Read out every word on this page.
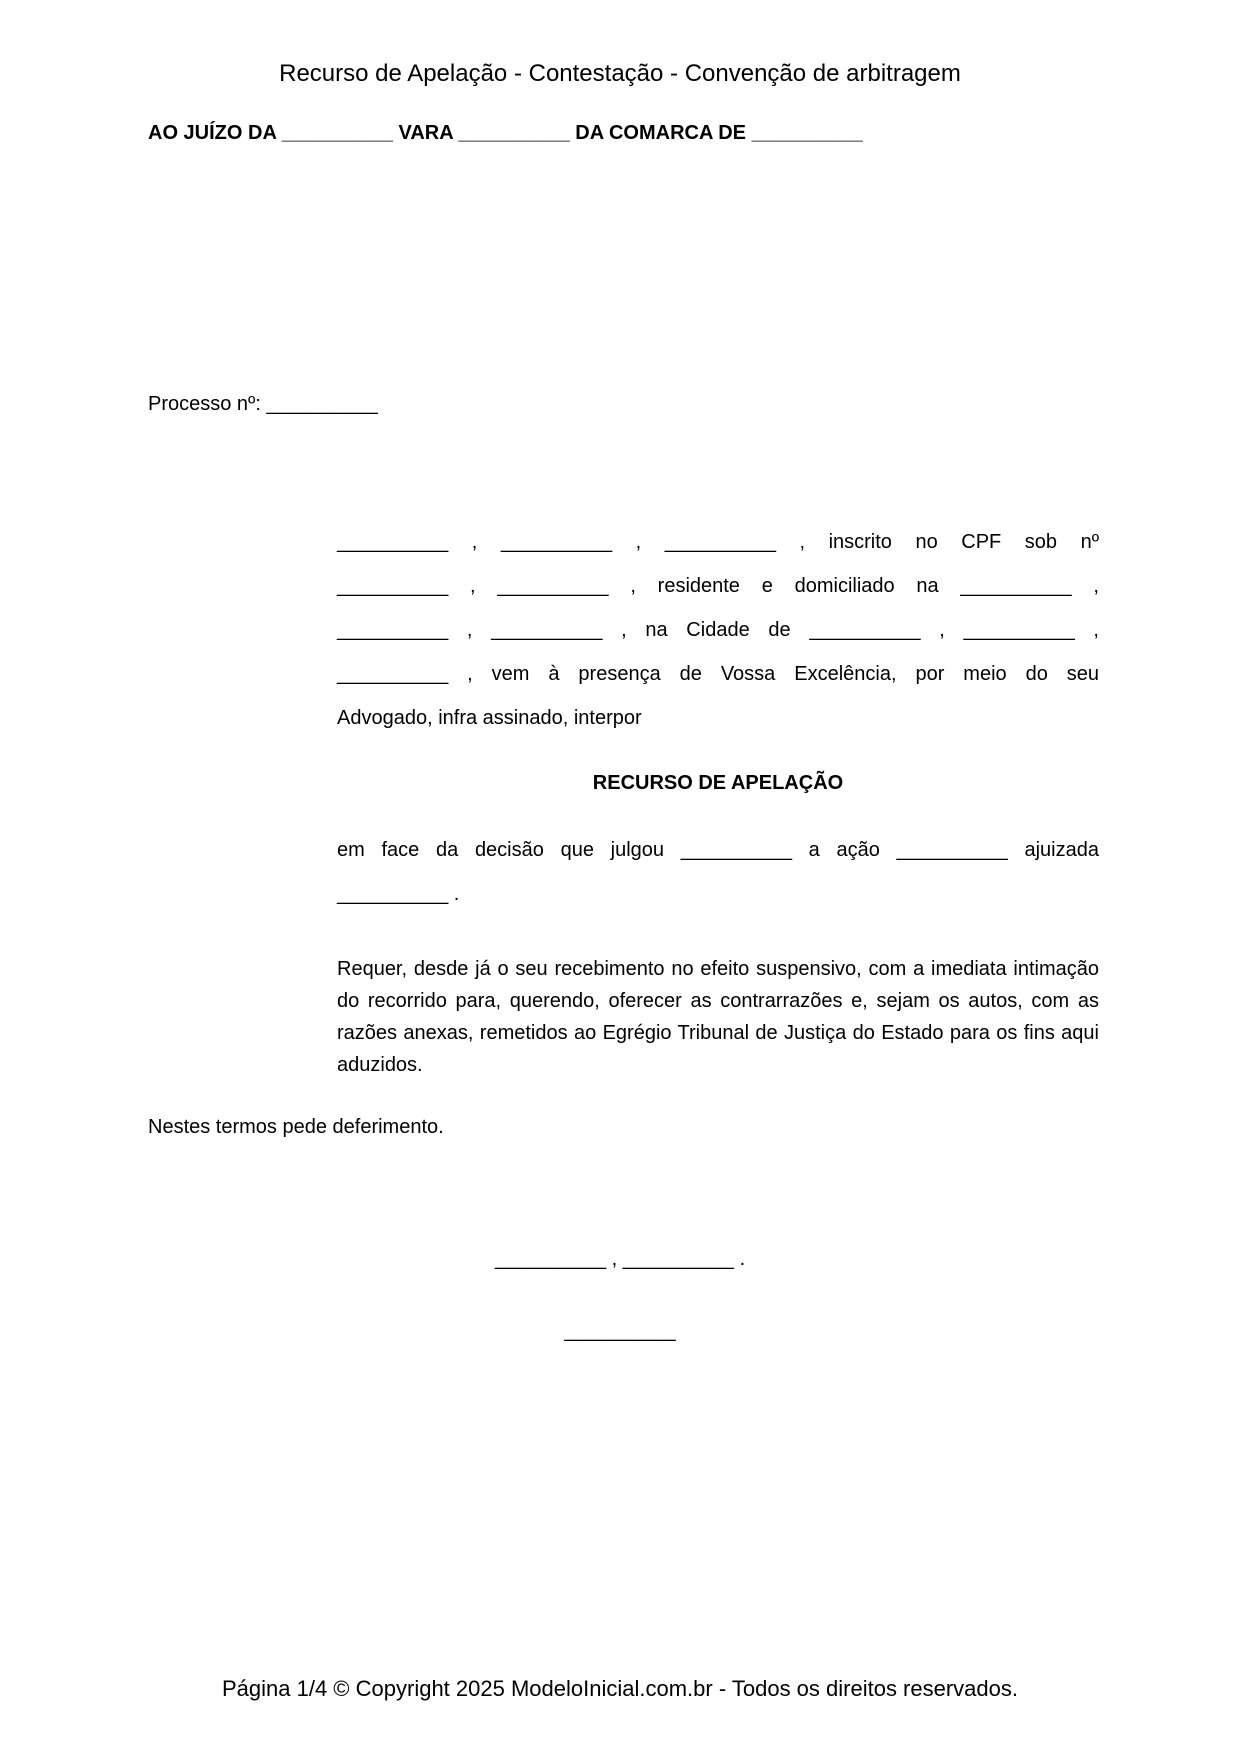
Recurso de Apelação - Contestação - Convenção de arbitragem
AO JUÍZO DA __________ VARA __________ DA COMARCA DE __________
Processo nº: __________
__________ , __________ , __________ , inscrito no CPF sob nº
__________ , __________ , residente e domiciliado na __________ ,
__________ , __________ , na Cidade de __________ , __________ ,
__________ , vem à presença de Vossa Excelência, por meio do seu
Advogado, infra assinado, interpor
RECURSO DE APELAÇÃO
em face da decisão que julgou __________ a ação __________ ajuizada
__________ .
Requer, desde já o seu recebimento no efeito suspensivo, com a imediata intimação do recorrido para, querendo, oferecer as contrarrazões e, sejam os autos, com as razões anexas, remetidos ao Egrégio Tribunal de Justiça do Estado para os fins aqui aduzidos.
Nestes termos pede deferimento.
__________ , __________ .
__________
Página 1/4 © Copyright 2025 ModeloInicial.com.br - Todos os direitos reservados.
